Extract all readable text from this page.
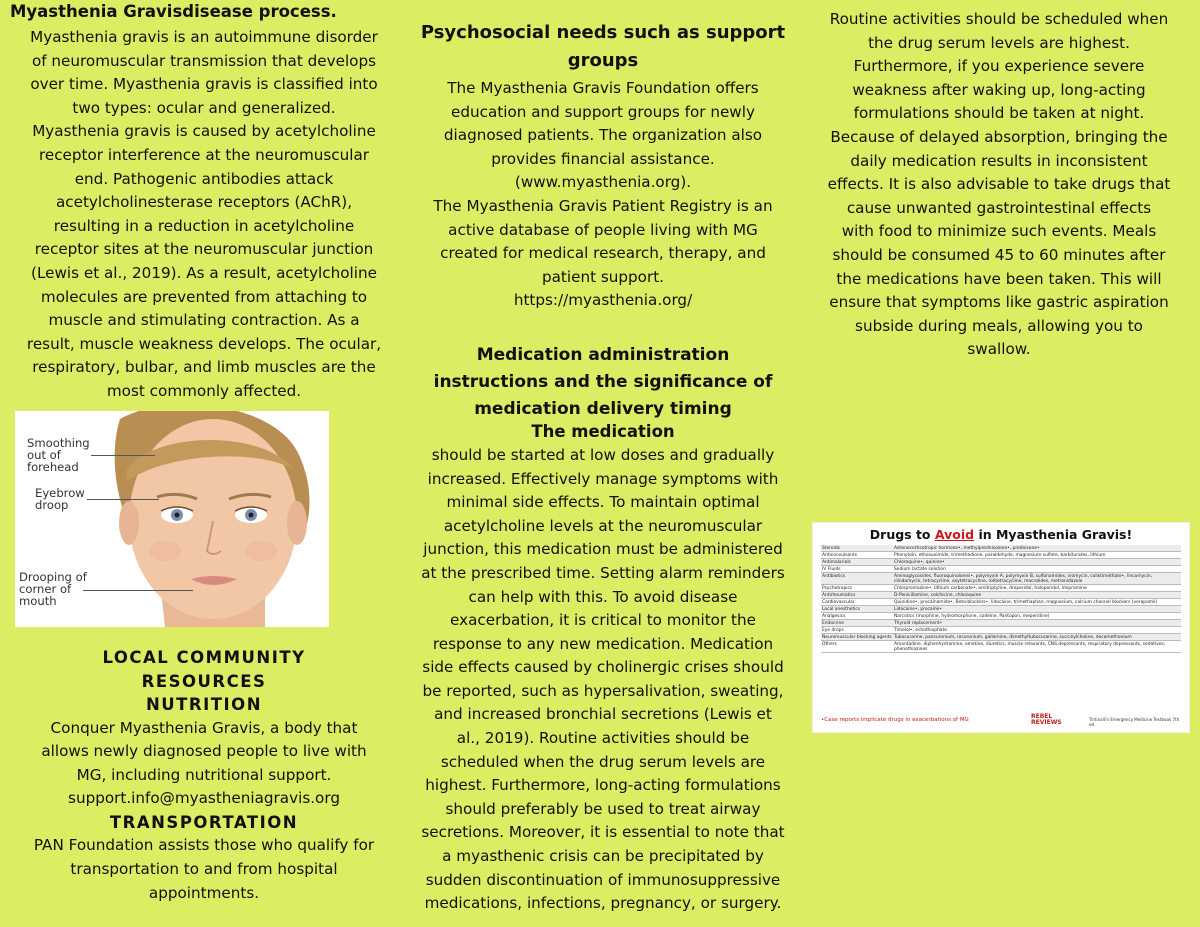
Myasthenia Gravisdisease process.
Myasthenia gravis is an autoimmune disorder
of neuromuscular transmission that develops
over time. Myasthenia gravis is classified into
two types: ocular and generalized.
Myasthenia gravis is caused by acetylcholine
receptor interference at the neuromuscular
end. Pathogenic antibodies attack
acetylcholinesterase receptors (AChR),
resulting in a reduction in acetylcholine
receptor sites at the neuromuscular junction
(Lewis et al., 2019). As a result, acetylcholine
molecules are prevented from attaching to
muscle and stimulating contraction. As a
result, muscle weakness develops. The ocular,
respiratory, bulbar, and limb muscles are the
most commonly affected.
Smoothing
out of
forehead
Eyebrow
droop
Drooping of
corner of
mouth
LOCAL COMMUNITY
RESOURCES
NUTRITION
Conquer Myasthenia Gravis, a body that
allows newly diagnosed people to live with
MG, including nutritional support.
support.info@myastheniagravis.org
TRANSPORTATION
PAN Foundation assists those who qualify for
transportation to and from hospital
appointments.
Psychosocial needs such as support
groups
The Myasthenia Gravis Foundation offers
education and support groups for newly
diagnosed patients. The organization also
provides financial assistance.
(www.myasthenia.org).
The Myasthenia Gravis Patient Registry is an
active database of people living with MG
created for medical research, therapy, and
patient support.
https://myasthenia.org/
Medication administration
instructions and the significance of
medication delivery timing
The medication
should be started at low doses and gradually
increased. Effectively manage symptoms with
minimal side effects. To maintain optimal
acetylcholine levels at the neuromuscular
junction, this medication must be administered
at the prescribed time. Setting alarm reminders
can help with this. To avoid disease
exacerbation, it is critical to monitor the
response to any new medication. Medication
side effects caused by cholinergic crises should
be reported, such as hypersalivation, sweating,
and increased bronchial secretions (Lewis et
al., 2019). Routine activities should be
scheduled when the drug serum levels are
highest. Furthermore, long-acting formulations
should preferably be used to treat airway
secretions. Moreover, it is essential to note that
a myasthenic crisis can be precipitated by
sudden discontinuation of immunosuppressive
medications, infections, pregnancy, or surgery.
Routine activities should be scheduled when
the drug serum levels are highest.
Furthermore, if you experience severe
weakness after waking up, long-acting
formulations should be taken at night.
Because of delayed absorption, bringing the
daily medication results in inconsistent
effects. It is also advisable to take drugs that
cause unwanted gastrointestinal effects
with food to minimize such events. Meals
should be consumed 45 to 60 minutes after
the medications have been taken. This will
ensure that symptoms like gastric aspiration
subside during meals, allowing you to
swallow.
Drugs to Avoid in Myasthenia Gravis!
Steroids	Adrenocorticotropic hormone•, methylprednisolone•, prednisone•
Anticonvulsants	Phenytoin, ethosuximide, trimethadione, paraldehyde, magnesium sulfate, barbiturates, lithium
Antimalarials	Chloroquine•, quinine•
IV Fluids	Sodium lactate solution
Antibiotics	Aminoglycosides, fluoroquinolones•, polymyxin A, polymyxin B, sulfonamides, viomycin, colistimethate•, lincomycin, clindamycin, tetracycline, oxytetracycline, rolitetracycline, macrolides, metronidazole
Psychotropics	Chlorpromazine•, lithium carbonate•, amitriptyline, droperidol, haloperidol, imipramine
Antirheumatics	D-Penicillamine, colchicine, chloroquine
Cardiovascular	Quinidine•, procainamide•, Beta-blockers•, lidocaine, trimethaphan, magnesium, calcium channel blockers (verapamil)
Local anesthetics	Lidocaine•, procaine•
Analgesics	Narcotics (morphine, hydromorphone, codeine, Pantopon, meperidine)
Endocrine	Thyroid replacement•
Eye drops	Timolol•, echothiophate
Neuromuscular blocking agents	Tubocurarine, pancuronium, rocuronium, gallamine, dimethyltubocurarine, succinylcholine, decamethonium
Others	Amantadine, diphenhydramine, emetine, diuretics, muscle relaxants, CNS depressants, respiratory depressants, sedatives, phenothiazines
•Case reports implicate drugs in exacerbations of MG	REBEL
REVIEWS	Tintinalli's Emergency Medicine Textbook 7th ed.
